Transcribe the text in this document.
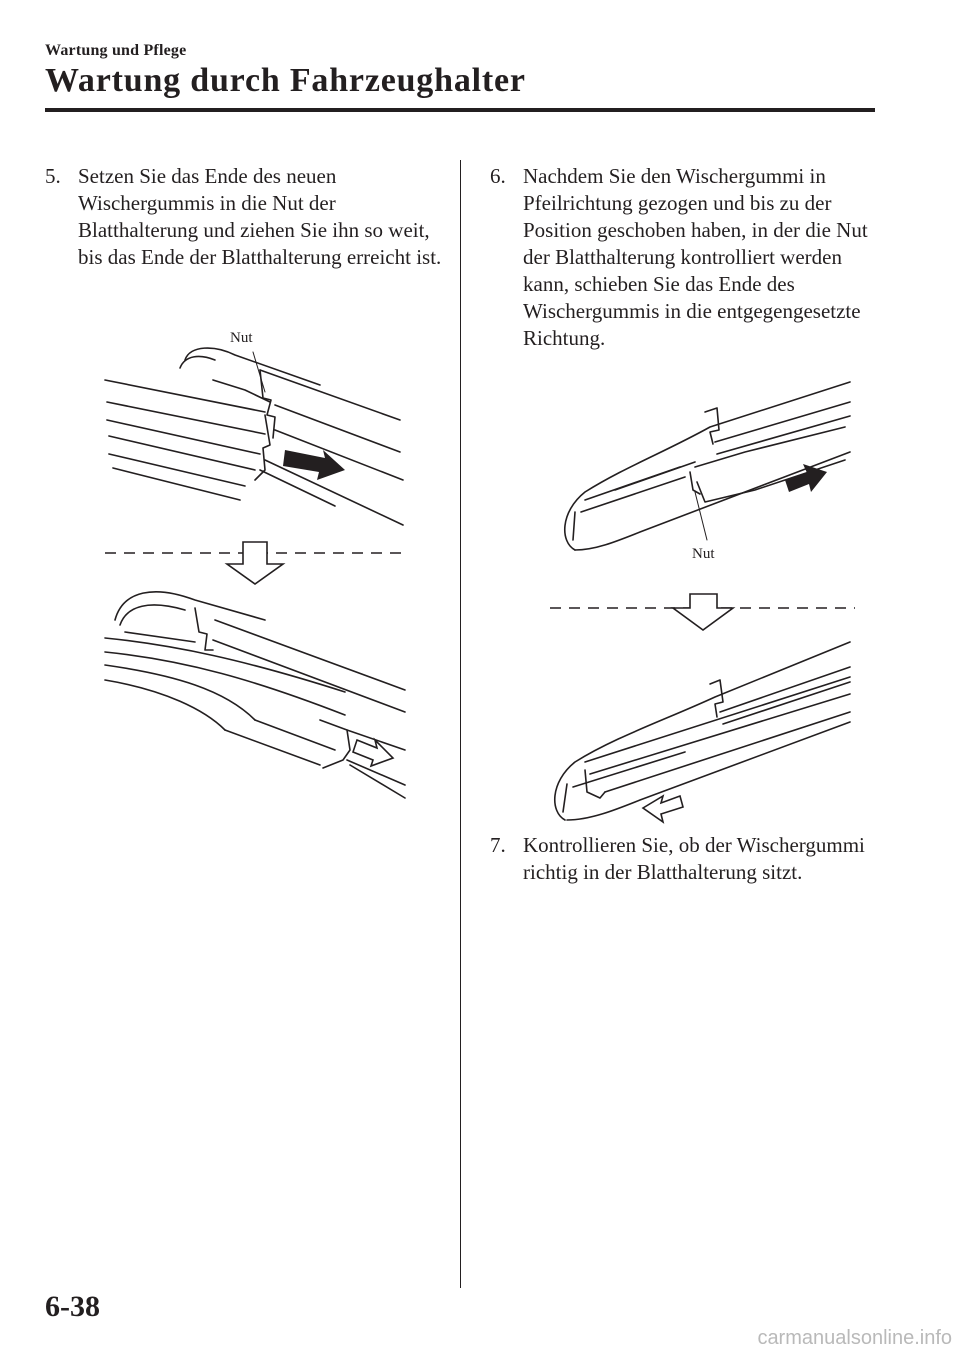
Wartung und Pflege
Wartung durch Fahrzeughalter
5. Setzen Sie das Ende des neuen Wischergummis in die Nut der Blatthalterung und ziehen Sie ihn so weit, bis das Ende der Blatthalterung erreicht ist.
6. Nachdem Sie den Wischergummi in Pfeilrichtung gezogen und bis zu der Position geschoben haben, in der die Nut der Blatthalterung kontrolliert werden kann, schieben Sie das Ende des Wischergummis in die entgegengesetzte Richtung.
7. Kontrollieren Sie, ob der Wischergummi richtig in der Blatthalterung sitzt.
Nut
Nut
6-38
carmanualsonline.info
